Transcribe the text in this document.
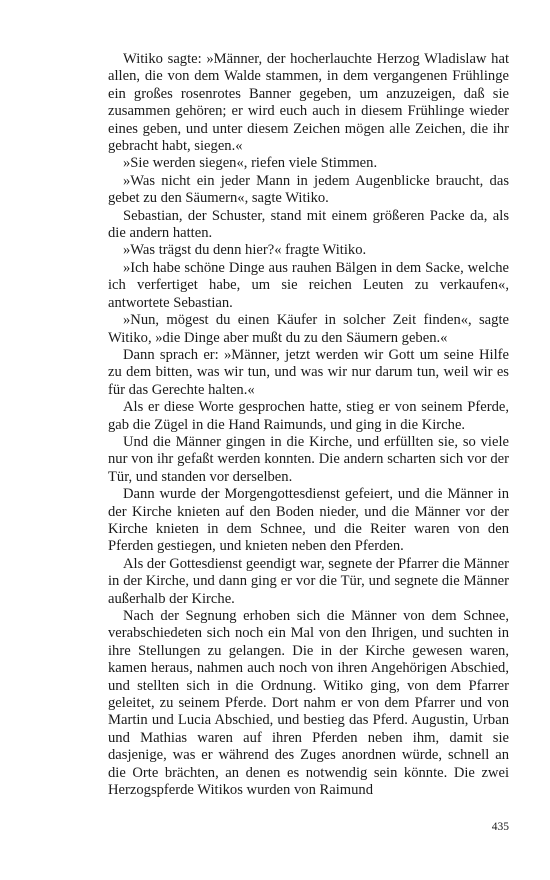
Witiko sagte: »Männer, der hocherlauchte Herzog Wladislaw hat allen, die von dem Walde stammen, in dem vergangenen Frühlinge ein großes rosenrotes Banner gegeben, um anzuzeigen, daß sie zusammen gehören; er wird euch auch in diesem Frühlinge wieder eines geben, und unter diesem Zeichen mögen alle Zeichen, die ihr gebracht habt, siegen.«

»Sie werden siegen«, riefen viele Stimmen.

»Was nicht ein jeder Mann in jedem Augenblicke braucht, das gebet zu den Säumern«, sagte Witiko.

Sebastian, der Schuster, stand mit einem größeren Packe da, als die andern hatten.

»Was trägst du denn hier?« fragte Witiko.

»Ich habe schöne Dinge aus rauhen Bälgen in dem Sacke, welche ich verfertiget habe, um sie reichen Leuten zu verkaufen«, antwortete Sebastian.

»Nun, mögest du einen Käufer in solcher Zeit finden«, sagte Witiko, »die Dinge aber mußt du zu den Säumern geben.«

Dann sprach er: »Männer, jetzt werden wir Gott um seine Hilfe zu dem bitten, was wir tun, und was wir nur darum tun, weil wir es für das Gerechte halten.«

Als er diese Worte gesprochen hatte, stieg er von seinem Pferde, gab die Zügel in die Hand Raimunds, und ging in die Kirche.

Und die Männer gingen in die Kirche, und erfüllten sie, so viele nur von ihr gefaßt werden konnten. Die andern scharten sich vor der Tür, und standen vor derselben.

Dann wurde der Morgengottesdienst gefeiert, und die Männer in der Kirche knieten auf den Boden nieder, und die Männer vor der Kirche knieten in dem Schnee, und die Reiter waren von den Pferden gestiegen, und knieten neben den Pferden.

Als der Gottesdienst geendigt war, segnete der Pfarrer die Männer in der Kirche, und dann ging er vor die Tür, und segnete die Männer außerhalb der Kirche.

Nach der Segnung erhoben sich die Männer von dem Schnee, verabschiedeten sich noch ein Mal von den Ihrigen, und suchten in ihre Stellungen zu gelangen. Die in der Kirche gewesen waren, kamen heraus, nahmen auch noch von ihren Angehörigen Abschied, und stellten sich in die Ordnung. Witiko ging, von dem Pfarrer geleitet, zu seinem Pferde. Dort nahm er von dem Pfarrer und von Martin und Lucia Abschied, und bestieg das Pferd. Augustin, Urban und Mathias waren auf ihren Pferden neben ihm, damit sie dasjenige, was er während des Zuges anordnen würde, schnell an die Orte brächten, an denen es notwendig sein könnte. Die zwei Herzogspferde Witikos wurden von Raimund

435
